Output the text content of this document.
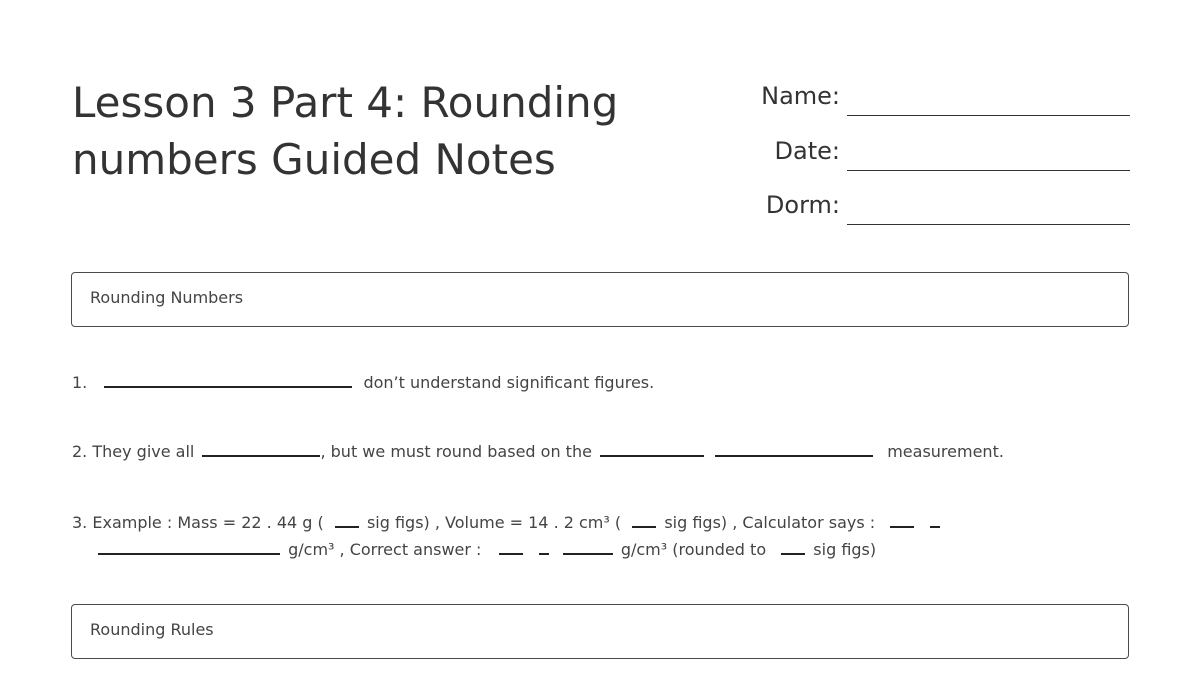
Lesson 3 Part 4: Rounding
numbers Guided Notes
Name:
Date:
Dorm:
Rounding Numbers
1.	don’t understand significant figures.
2. They give all	, but we must round based on the	measurement.
3. Example : Mass = 22 . 44 g (	sig figs) , Volume = 14 . 2 cm³ (	sig figs) , Calculator says :
g/cm³ , Correct answer :	g/cm³ (rounded to	sig figs)
Rounding Rules
